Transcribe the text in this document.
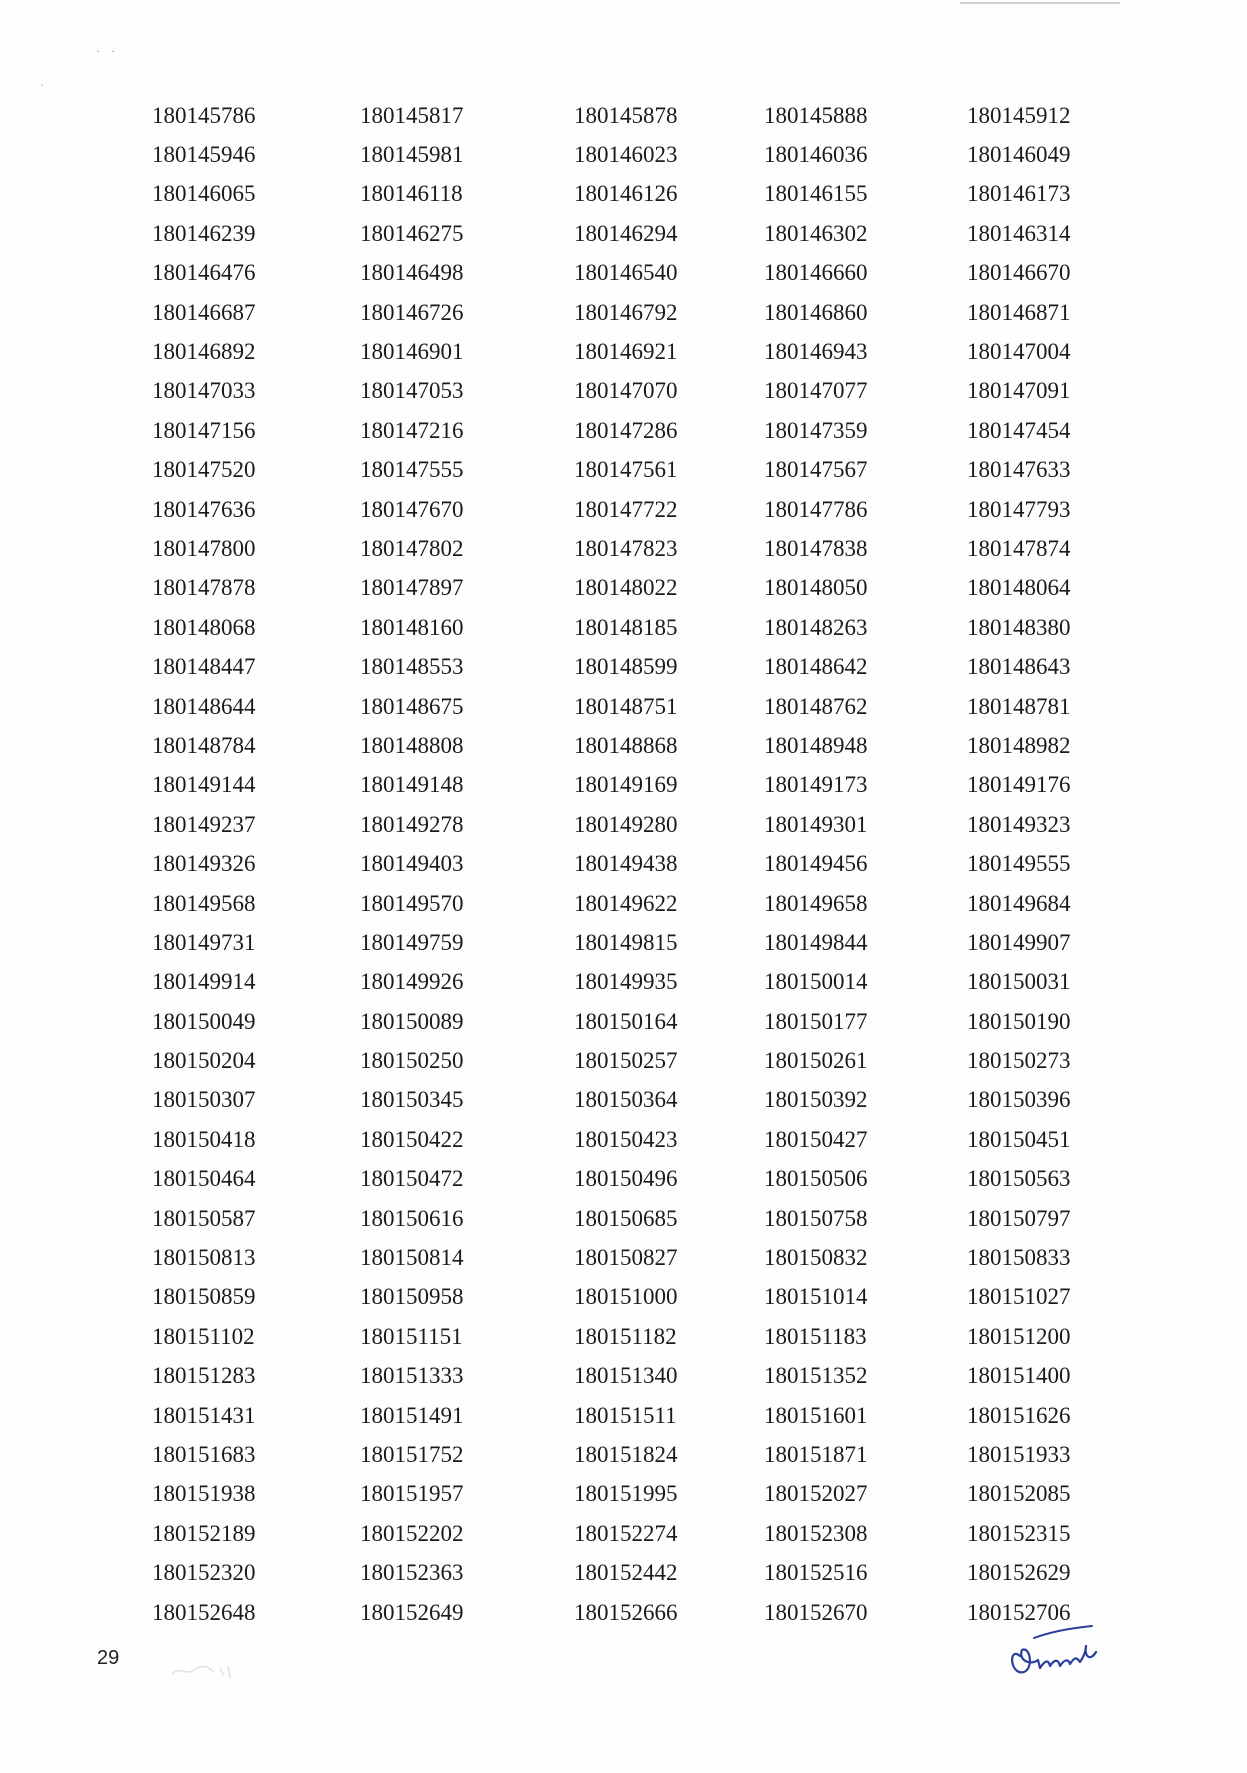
· ·
·
180145786	180145817	180145878	180145888	180145912
180145946	180145981	180146023	180146036	180146049
180146065	180146118	180146126	180146155	180146173
180146239	180146275	180146294	180146302	180146314
180146476	180146498	180146540	180146660	180146670
180146687	180146726	180146792	180146860	180146871
180146892	180146901	180146921	180146943	180147004
180147033	180147053	180147070	180147077	180147091
180147156	180147216	180147286	180147359	180147454
180147520	180147555	180147561	180147567	180147633
180147636	180147670	180147722	180147786	180147793
180147800	180147802	180147823	180147838	180147874
180147878	180147897	180148022	180148050	180148064
180148068	180148160	180148185	180148263	180148380
180148447	180148553	180148599	180148642	180148643
180148644	180148675	180148751	180148762	180148781
180148784	180148808	180148868	180148948	180148982
180149144	180149148	180149169	180149173	180149176
180149237	180149278	180149280	180149301	180149323
180149326	180149403	180149438	180149456	180149555
180149568	180149570	180149622	180149658	180149684
180149731	180149759	180149815	180149844	180149907
180149914	180149926	180149935	180150014	180150031
180150049	180150089	180150164	180150177	180150190
180150204	180150250	180150257	180150261	180150273
180150307	180150345	180150364	180150392	180150396
180150418	180150422	180150423	180150427	180150451
180150464	180150472	180150496	180150506	180150563
180150587	180150616	180150685	180150758	180150797
180150813	180150814	180150827	180150832	180150833
180150859	180150958	180151000	180151014	180151027
180151102	180151151	180151182	180151183	180151200
180151283	180151333	180151340	180151352	180151400
180151431	180151491	180151511	180151601	180151626
180151683	180151752	180151824	180151871	180151933
180151938	180151957	180151995	180152027	180152085
180152189	180152202	180152274	180152308	180152315
180152320	180152363	180152442	180152516	180152629
180152648	180152649	180152666	180152670	180152706
29
